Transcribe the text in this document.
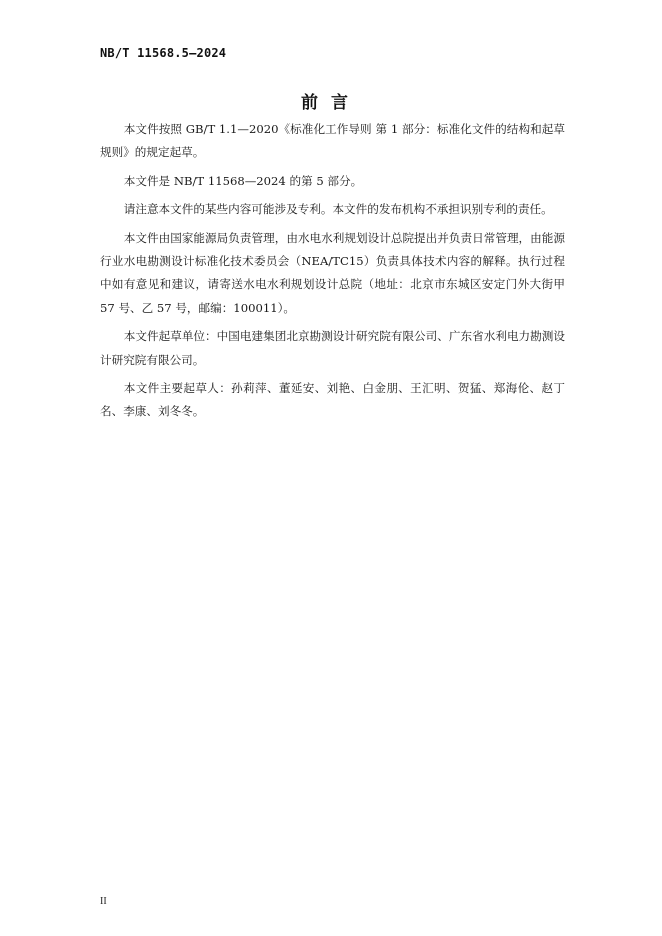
NB/T 11568.5—2024
前言

本文件按照 GB/T 1.1—2020《标准化工作导则 第 1 部分：标准化文件的结构和起草规则》的规定起草。

本文件是 NB/T 11568—2024 的第 5 部分。

请注意本文件的某些内容可能涉及专利。本文件的发布机构不承担识别专利的责任。

本文件由国家能源局负责管理，由水电水利规划设计总院提出并负责日常管理，由能源行业水电勘测设计标准化技术委员会（NEA/TC15）负责具体技术内容的解释。执行过程中如有意见和建议，请寄送水电水利规划设计总院（地址：北京市东城区安定门外大街甲 57 号、乙 57 号，邮编：100011）。

本文件起草单位：中国电建集团北京勘测设计研究院有限公司、广东省水利电力勘测设计研究院有限公司。

本文件主要起草人：孙莉萍、董延安、刘艳、白金朋、王汇明、贺猛、郑海伦、赵丁名、李康、刘冬冬。

II
